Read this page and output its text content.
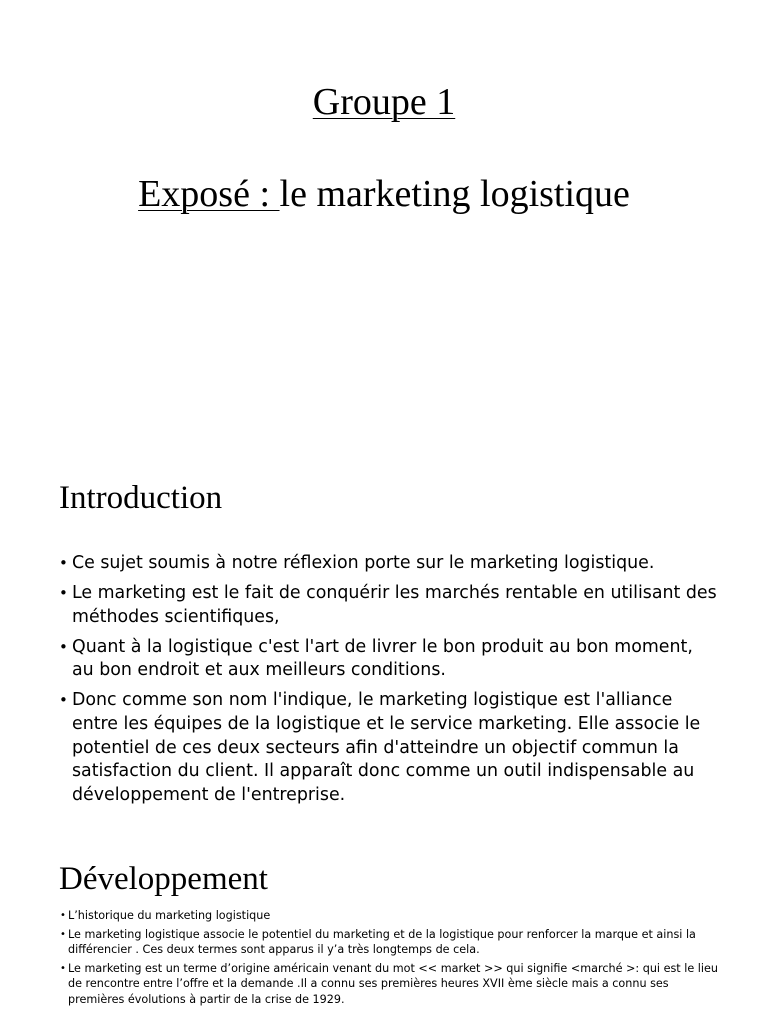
Groupe 1
Exposé : le marketing logistique
Introduction
• Ce sujet soumis à notre réflexion porte sur le marketing logistique.
• Le marketing est le fait de conquérir les marchés rentable en utilisant des méthodes scientifiques,
• Quant à la logistique c'est l'art de livrer le bon produit au bon moment, au bon endroit et aux meilleurs conditions.
• Donc comme son nom l'indique, le marketing logistique est l'alliance entre les équipes de la logistique et le service marketing. Elle associe le potentiel de ces deux secteurs afin d'atteindre un objectif commun la satisfaction du client. Il apparaît donc comme un outil indispensable au développement de l'entreprise.
Développement
• L’historique du marketing logistique
• Le marketing logistique associe le potentiel du marketing et de la logistique pour renforcer la marque et ainsi la différencier . Ces deux termes sont apparus il y’a très longtemps de cela.
• Le marketing est un terme d’origine américain venant du mot << market >> qui signifie <marché >: qui est le lieu de rencontre entre l’offre et la demande .Il a connu ses premières heures XVII ème siècle mais a connu ses premières évolutions à partir de la crise de 1929.
